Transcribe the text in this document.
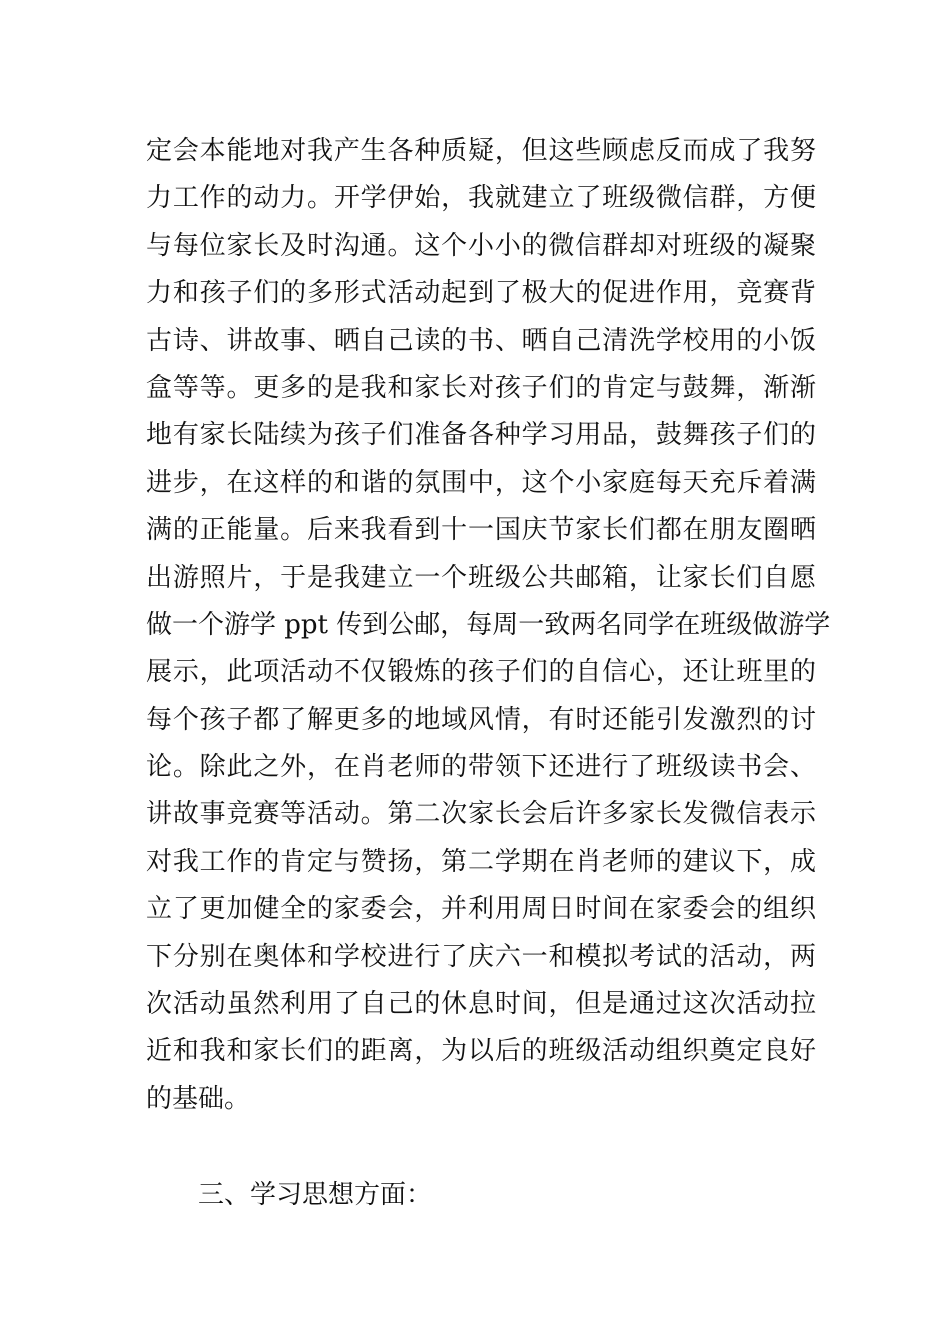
定会本能地对我产生各种质疑，但这些顾虑反而成了我努
力工作的动力。开学伊始，我就建立了班级微信群，方便
与每位家长及时沟通。这个小小的微信群却对班级的凝聚
力和孩子们的多形式活动起到了极大的促进作用，竞赛背
古诗、讲故事、晒自己读的书、晒自己清洗学校用的小饭
盒等等。更多的是我和家长对孩子们的肯定与鼓舞，渐渐
地有家长陆续为孩子们准备各种学习用品，鼓舞孩子们的
进步，在这样的和谐的氛围中，这个小家庭每天充斥着满
满的正能量。后来我看到十一国庆节家长们都在朋友圈晒
出游照片，于是我建立一个班级公共邮箱，让家长们自愿
做一个游学 ppt 传到公邮，每周一致两名同学在班级做游学
展示，此项活动不仅锻炼的孩子们的自信心，还让班里的
每个孩子都了解更多的地域风情，有时还能引发激烈的讨
论。除此之外，在肖老师的带领下还进行了班级读书会、
讲故事竞赛等活动。第二次家长会后许多家长发微信表示
对我工作的肯定与赞扬，第二学期在肖老师的建议下，成
立了更加健全的家委会，并利用周日时间在家委会的组织
下分别在奥体和学校进行了庆六一和模拟考试的活动，两
次活动虽然利用了自己的休息时间，但是通过这次活动拉
近和我和家长们的距离，为以后的班级活动组织奠定良好
的基础。
三、学习思想方面：
